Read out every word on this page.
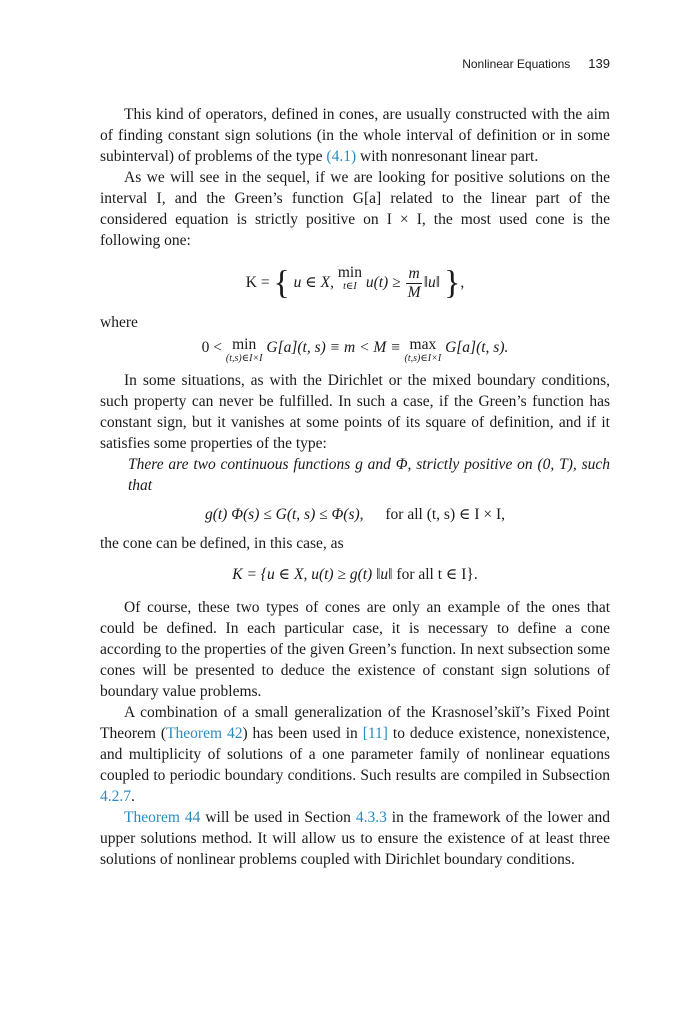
Nonlinear Equations 139

This kind of operators, defined in cones, are usually constructed with the aim of finding constant sign solutions (in the whole interval of definition or in some subinterval) of problems of the type (4.1) with nonresonant linear part.

As we will see in the sequel, if we are looking for positive solutions on the interval I, and the Green’s function G[a] related to the linear part of the considered equation is strictly positive on I × I, the most used cone is the following one:

K = { u ∈ X, min
t∈I $u(t) \ge \frac{m}{M}$ ‖u‖ },

where

0 < min
(t,s)∈I×I
G[a](t, s) ≡ m < M ≡ max
(t,s)∈I×I
G[a](t, s).

In some situations, as with the Dirichlet or the mixed boundary conditions, such property can never be fulfilled. In such a case, if the Green’s function has constant sign, but it vanishes at some points of its square of definition, and if it satisfies some properties of the type:

There are two continuous functions g and Φ, strictly positive on (0, T), such that

g(t) Φ(s) ≤ G(t, s) ≤ Φ(s), for all (t, s) ∈ I × I,

the cone can be defined, in this case, as

K = {u ∈ X, u(t) ≥ g(t) ‖u‖ for all t ∈ I}.

Of course, these two types of cones are only an example of the ones that could be defined. In each particular case, it is necessary to define a cone according to the properties of the given Green’s function. In next subsection some cones will be presented to deduce the existence of constant sign solutions of boundary value problems.

A combination of a small generalization of the Krasnosel’skiĭ’s Fixed Point Theorem (Theorem 42) has been used in [11] to deduce existence, nonexistence, and multiplicity of solutions of a one parameter family of nonlinear equations coupled to periodic boundary conditions. Such results are compiled in Subsection 4.2.7.

Theorem 44 will be used in Section 4.3.3 in the framework of the lower and upper solutions method. It will allow us to ensure the existence of at least three solutions of nonlinear problems coupled with Dirichlet boundary conditions.
